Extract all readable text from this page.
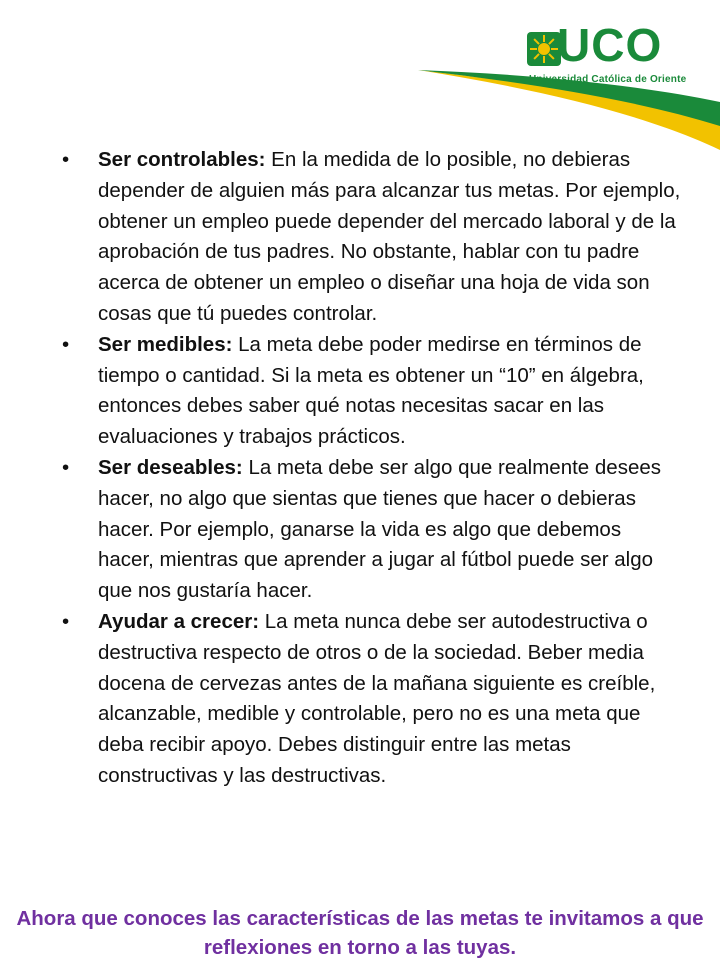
UCO
Universidad Católica de Oriente
• Ser controlables: En la medida de lo posible, no debieras depender de alguien más para alcanzar tus metas. Por ejemplo, obtener un empleo puede depender del mercado laboral y de la aprobación de tus padres. No obstante, hablar con tu padre acerca de obtener un empleo o diseñar una hoja de vida son cosas que tú puedes controlar.
• Ser medibles: La meta debe poder medirse en términos de tiempo o cantidad. Si la meta es obtener un “10” en álgebra, entonces debes saber qué notas necesitas sacar en las evaluaciones y trabajos prácticos.
• Ser deseables: La meta debe ser algo que realmente desees hacer, no algo que sientas que tienes que hacer o debieras hacer. Por ejemplo, ganarse la vida es algo que debemos hacer, mientras que aprender a jugar al fútbol puede ser algo que nos gustaría hacer.
• Ayudar a crecer: La meta nunca debe ser autodestructiva o destructiva respecto de otros o de la sociedad. Beber media docena de cervezas antes de la mañana siguiente es creíble, alcanzable, medible y controlable, pero no es una meta que deba recibir apoyo. Debes distinguir entre las metas constructivas y las destructivas.
Ahora que conoces las características de las metas te invitamos a que reflexiones en torno a las tuyas.
